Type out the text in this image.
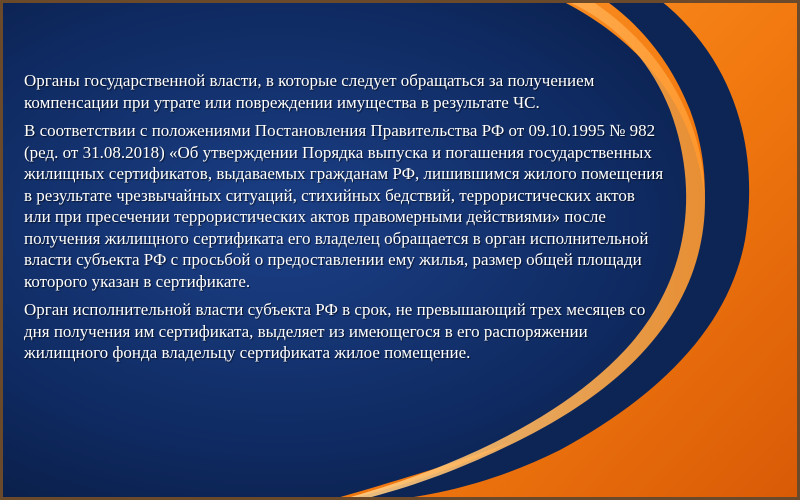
Органы государственной власти, в которые следует обращаться за получением
компенсации при утрате или повреждении имущества в результате ЧС.

В соответствии с положениями Постановления Правительства РФ от 09.10.1995 № 982
(ред. от 31.08.2018) «Об утверждении Порядка выпуска и погашения государственных
жилищных сертификатов, выдаваемых гражданам РФ, лишившимся жилого помещения
в результате чрезвычайных ситуаций, стихийных бедствий, террористических актов
или при пресечении террористических актов правомерными действиями» после
получения жилищного сертификата его владелец обращается в орган исполнительной
власти субъекта РФ с просьбой о предоставлении ему жилья, размер общей площади
которого указан в сертификате.

Орган исполнительной власти субъекта РФ в срок, не превышающий трех месяцев со
дня получения им сертификата, выделяет из имеющегося в его распоряжении
жилищного фонда владельцу сертификата жилое помещение.
